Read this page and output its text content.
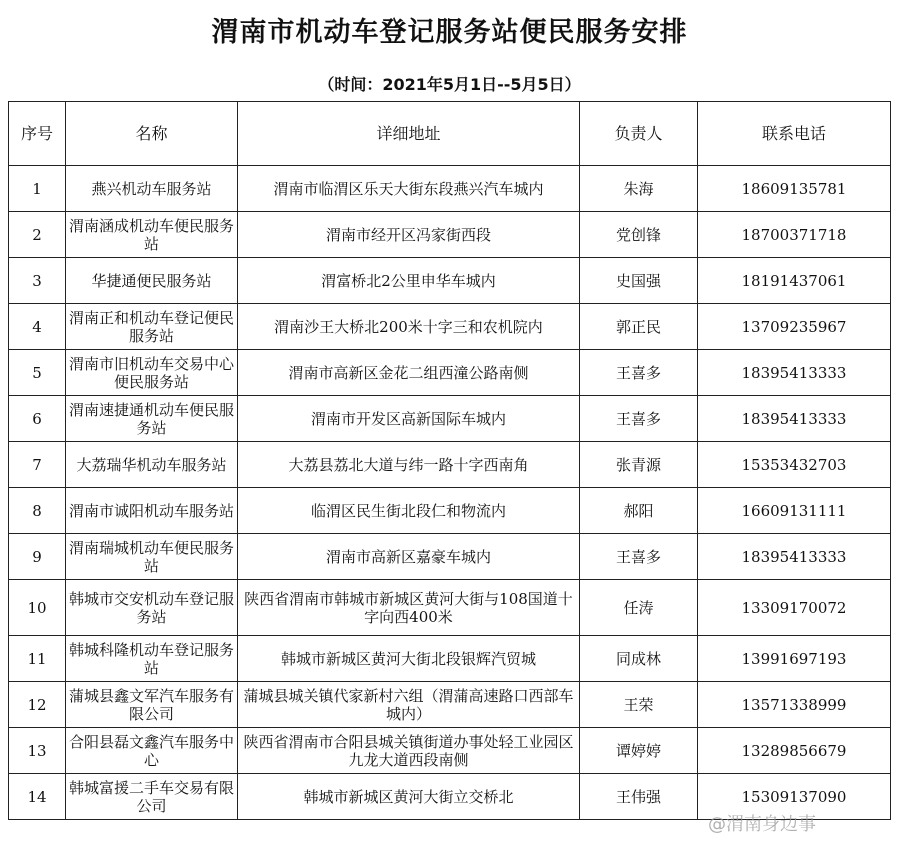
渭南市机动车登记服务站便民服务安排
（时间：2021年5月1日--5月5日）
序号	名称	详细地址	负责人	联系电话
1	燕兴机动车服务站	渭南市临渭区乐天大街东段燕兴汽车城内	朱海	18609135781
2	渭南涵成机动车便民服务站	渭南市经开区冯家街西段	党创锋	18700371718
3	华捷通便民服务站	渭富桥北2公里申华车城内	史国强	18191437061
4	渭南正和机动车登记便民服务站	渭南沙王大桥北200米十字三和农机院内	郭正民	13709235967
5	渭南市旧机动车交易中心便民服务站	渭南市高新区金花二组西潼公路南侧	王喜多	18395413333
6	渭南速捷通机动车便民服务站	渭南市开发区高新国际车城内	王喜多	18395413333
7	大荔瑞华机动车服务站	大荔县荔北大道与纬一路十字西南角	张青源	15353432703
8	渭南市诚阳机动车服务站	临渭区民生街北段仁和物流内	郝阳	16609131111
9	渭南瑞城机动车便民服务站	渭南市高新区嘉豪车城内	王喜多	18395413333
10	韩城市交安机动车登记服务站	陕西省渭南市韩城市新城区黄河大街与108国道十字向西400米	任涛	13309170072
11	韩城科隆机动车登记服务站	韩城市新城区黄河大街北段银辉汽贸城	同成林	13991697193
12	蒲城县鑫文军汽车服务有限公司	蒲城县城关镇代家新村六组（渭蒲高速路口西部车城内）	王荣	13571338999
13	合阳县磊文鑫汽车服务中心	陕西省渭南市合阳县城关镇街道办事处轻工业园区九龙大道西段南侧	谭婷婷	13289856679
14	韩城富援二手车交易有限公司	韩城市新城区黄河大街立交桥北	王伟强	15309137090
@渭南身边事
